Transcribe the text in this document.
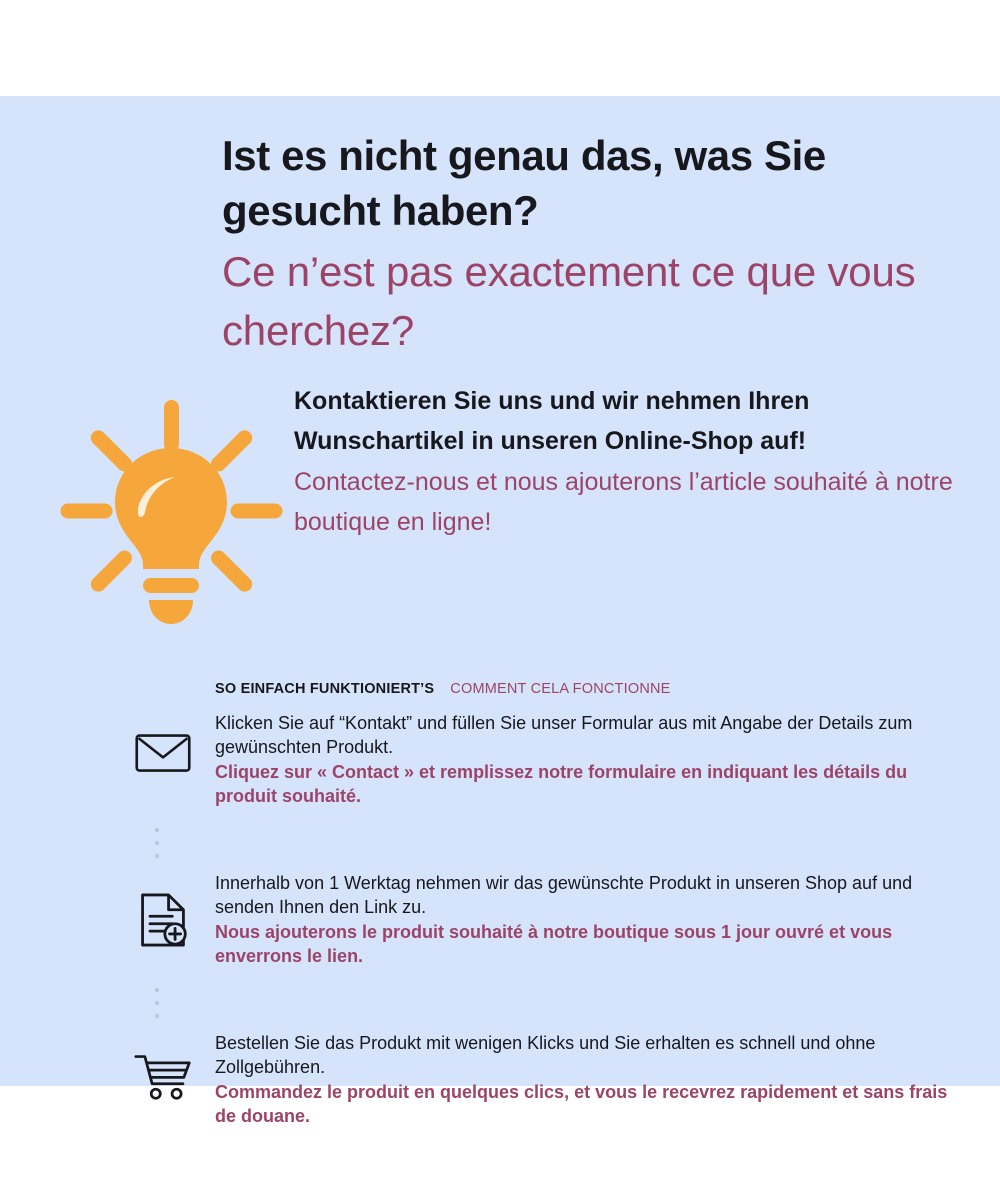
Ist es nicht genau das, was Sie gesucht haben?

Ce n’est pas exactement ce que vous cherchez?

Kontaktieren Sie uns und wir nehmen Ihren Wunschartikel in unseren Online-Shop auf!

Contactez-nous et nous ajouterons l’article souhaité à notre boutique en ligne!

SO EINFACH FUNKTIONIERT’S COMMENT CELA FONCTIONNE

Klicken Sie auf “Kontakt” und füllen Sie unser Formular aus mit Angabe der Details zum gewünschten Produkt.

Cliquez sur « Contact » et remplissez notre formulaire en indiquant les détails du produit souhaité.

Innerhalb von 1 Werktag nehmen wir das gewünschte Produkt in unseren Shop auf und senden Ihnen den Link zu.

Nous ajouterons le produit souhaité à notre boutique sous 1 jour ouvré et vous enverrons le lien.

Bestellen Sie das Produkt mit wenigen Klicks und Sie erhalten es schnell und ohne Zollgebühren.

Commandez le produit en quelques clics, et vous le recevrez rapidement et sans frais de douane.
